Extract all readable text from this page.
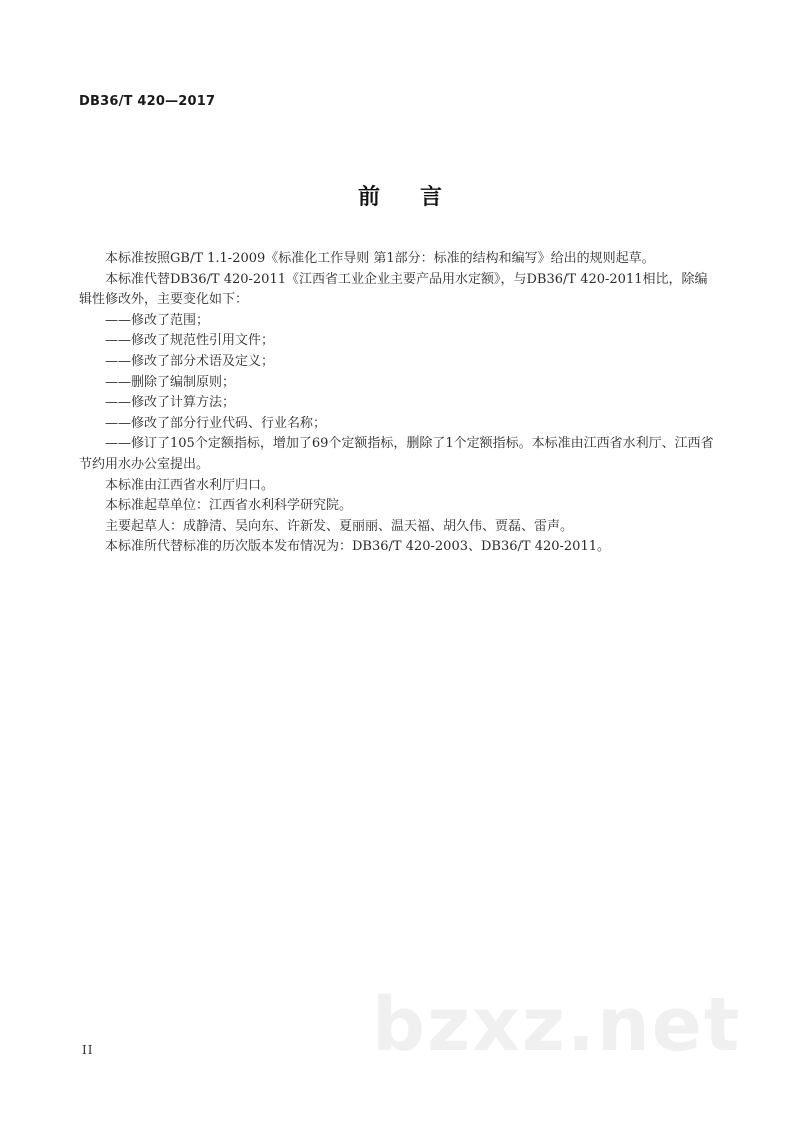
DB36/T 420—2017
前 言

本标准按照GB/T 1.1-2009《标准化工作导则 第1部分：标准的结构和编写》给出的规则起草。

本标准代替DB36/T 420-2011《江西省工业企业主要产品用水定额》，与DB36/T 420-2011相比，除编辑性修改外，主要变化如下：

——修改了范围；

——修改了规范性引用文件；

——修改了部分术语及定义；

——删除了编制原则；

——修改了计算方法；

——修改了部分行业代码、行业名称；

——修订了105个定额指标，增加了69个定额指标，删除了1个定额指标。本标准由江西省水利厅、江西省节约用水办公室提出。

本标准由江西省水利厅归口。

本标准起草单位：江西省水利科学研究院。

主要起草人：成静清、吴向东、许新发、夏丽丽、温天福、胡久伟、贾磊、雷声。

本标准所代替标准的历次版本发布情况为：DB36/T 420-2003、DB36/T 420-2011。

II	bzxz.net
